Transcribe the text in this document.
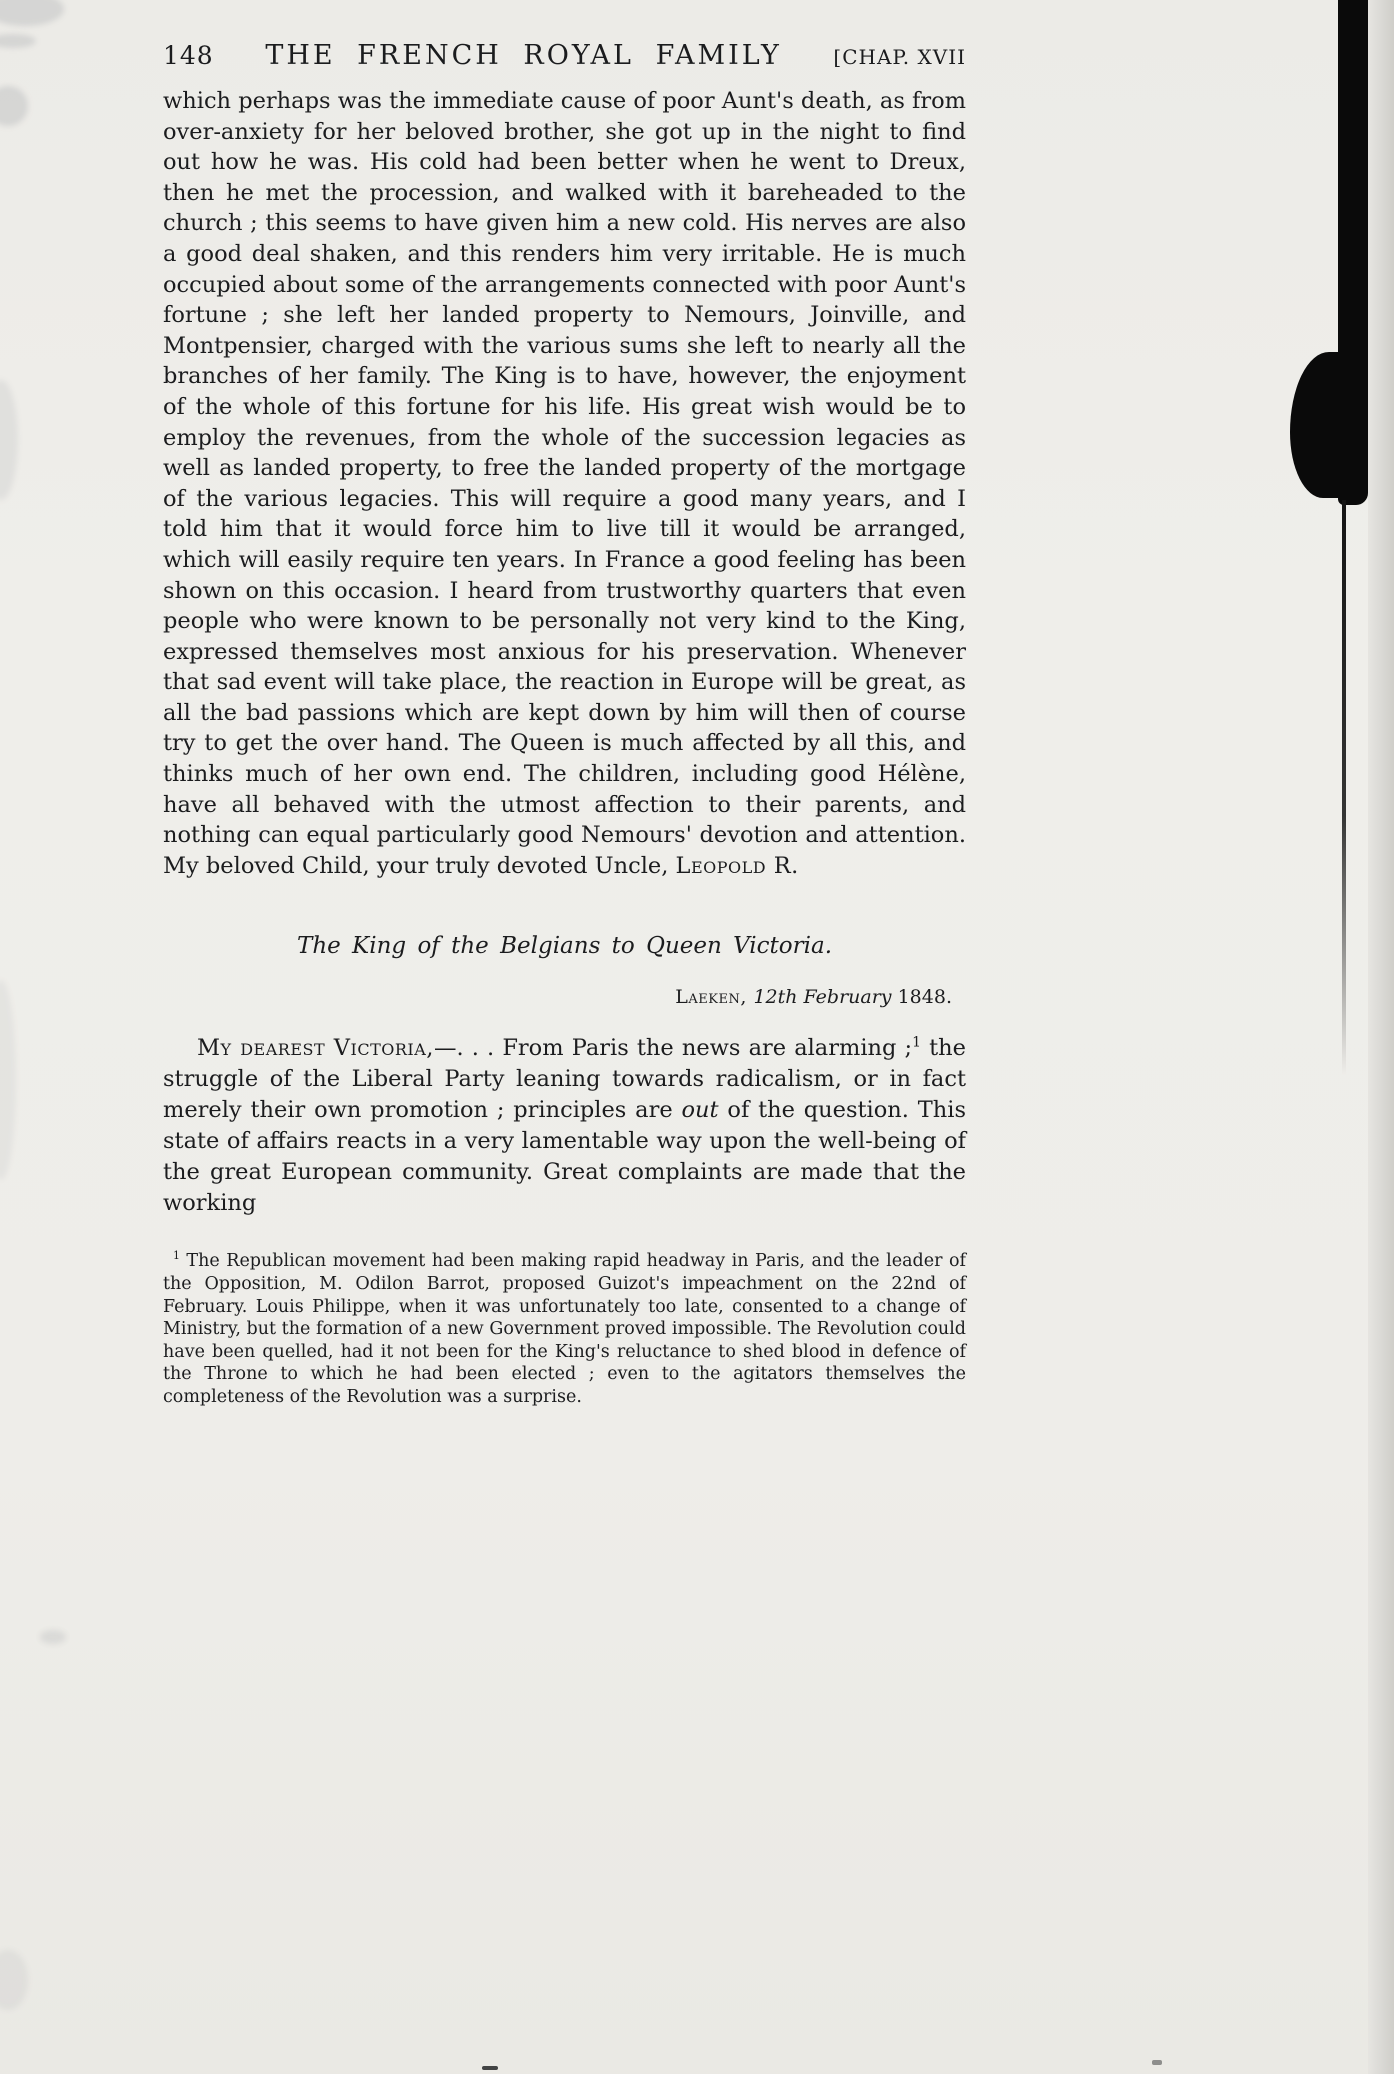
148 THE FRENCH ROYAL FAMILY	[CHAP. XVII

which perhaps was the immediate cause of poor Aunt's death, as from over-anxiety for her beloved brother, she got up in the night to find out how he was. His cold had been better when he went to Dreux, then he met the procession, and walked with it bareheaded to the church ; this seems to have given him a new cold. His nerves are also a good deal shaken, and this renders him very irritable. He is much occupied about some of the arrangements connected with poor Aunt's fortune ; she left her landed property to Nemours, Joinville, and Montpensier, charged with the various sums she left to nearly all the branches of her family. The King is to have, however, the enjoyment of the whole of this fortune for his life. His great wish would be to employ the revenues, from the whole of the succession legacies as well as landed property, to free the landed property of the mortgage of the various legacies. This will require a good many years, and I told him that it would force him to live till it would be arranged, which will easily require ten years. In France a good feeling has been shown on this occasion. I heard from trustworthy quarters that even people who were known to be personally not very kind to the King, expressed themselves most anxious for his preservation. Whenever that sad event will take place, the reaction in Europe will be great, as all the bad passions which are kept down by him will then of course try to get the over hand. The Queen is much affected by all this, and thinks much of her own end. The children, including good Hélène, have all behaved with the utmost affection to their parents, and nothing can equal particularly good Nemours' devotion and attention. My beloved Child, your truly devoted Uncle, Leopold R.

The King of the Belgians to Queen Victoria.
Laeken, 12th February 1848.

My dearest Victoria,—. . . From Paris the news are alarming ;$^1$ the struggle of the Liberal Party leaning towards radicalism, or in fact merely their own promotion ; principles are out of the question. This state of affairs reacts in a very lamentable way upon the well-being of the great European community. Great complaints are made that the working

$^1$ The Republican movement had been making rapid headway in Paris, and the leader of the Opposition, M. Odilon Barrot, proposed Guizot's impeachment on the 22nd of February. Louis Philippe, when it was unfortunately too late, consented to a change of Ministry, but the formation of a new Government proved impossible. The Revolution could have been quelled, had it not been for the King's reluctance to shed blood in defence of the Throne to which he had been elected ; even to the agitators themselves the completeness of the Revolution was a surprise.
